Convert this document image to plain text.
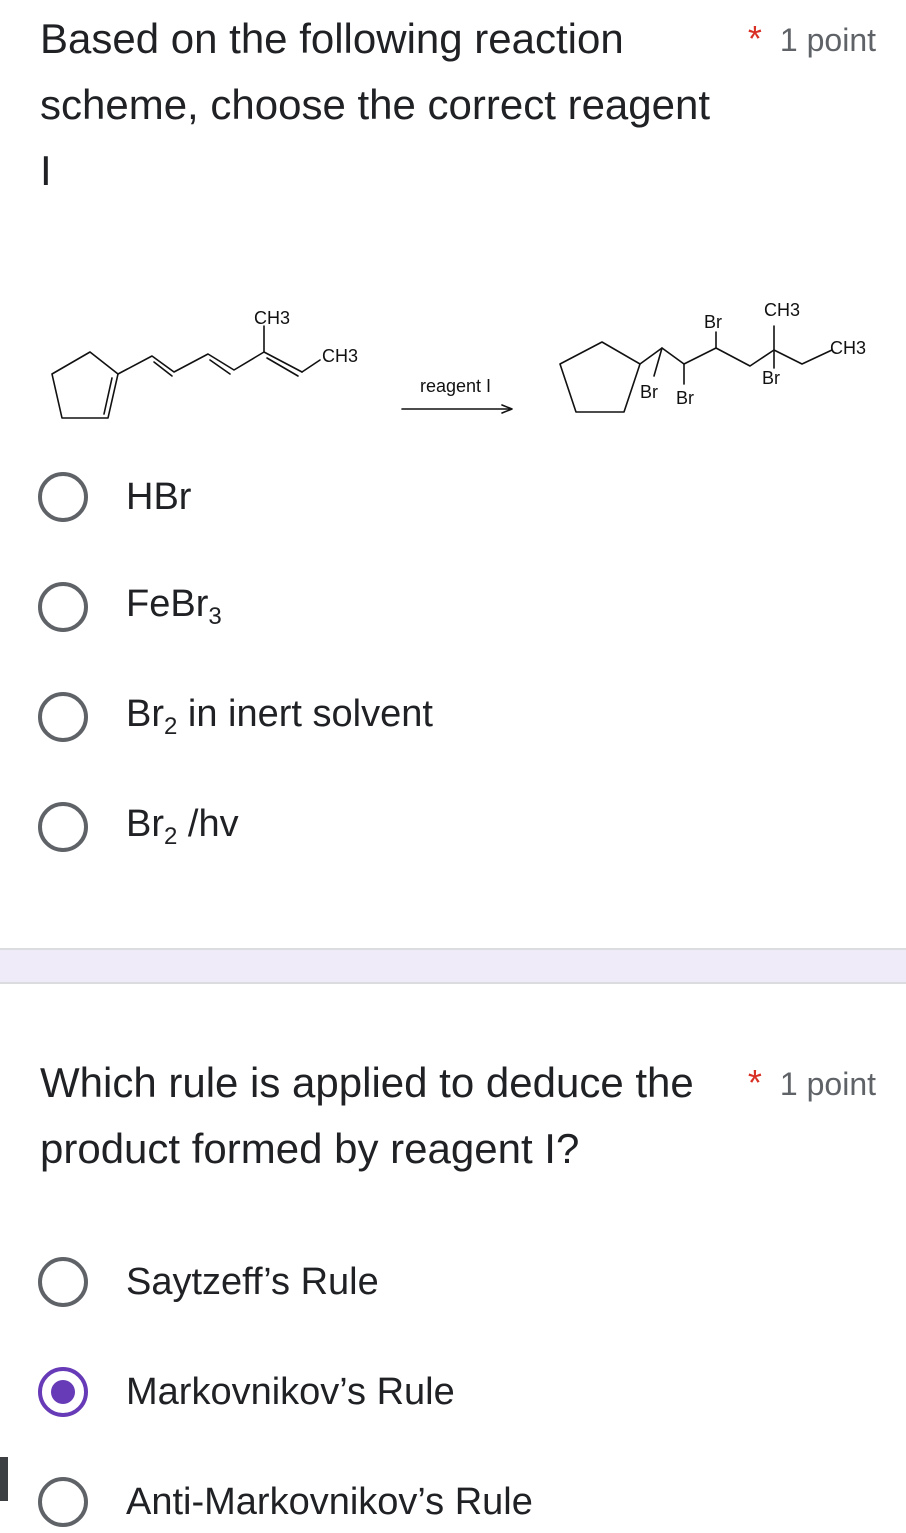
Based on the following reaction scheme, choose the correct reagent I

* 1 point
CH3
CH3
reagent I
Br
CH3
CH3
Br
Br Br
HBr
FeBr$_3$
$Br_2$ in inert solvent
$Br_2$ /hv

Which rule is applied to deduce the product formed by reagent I?

* 1 point
Saytzeff’s Rule
Markovnikov’s Rule
Anti-Markovnikov’s Rule
